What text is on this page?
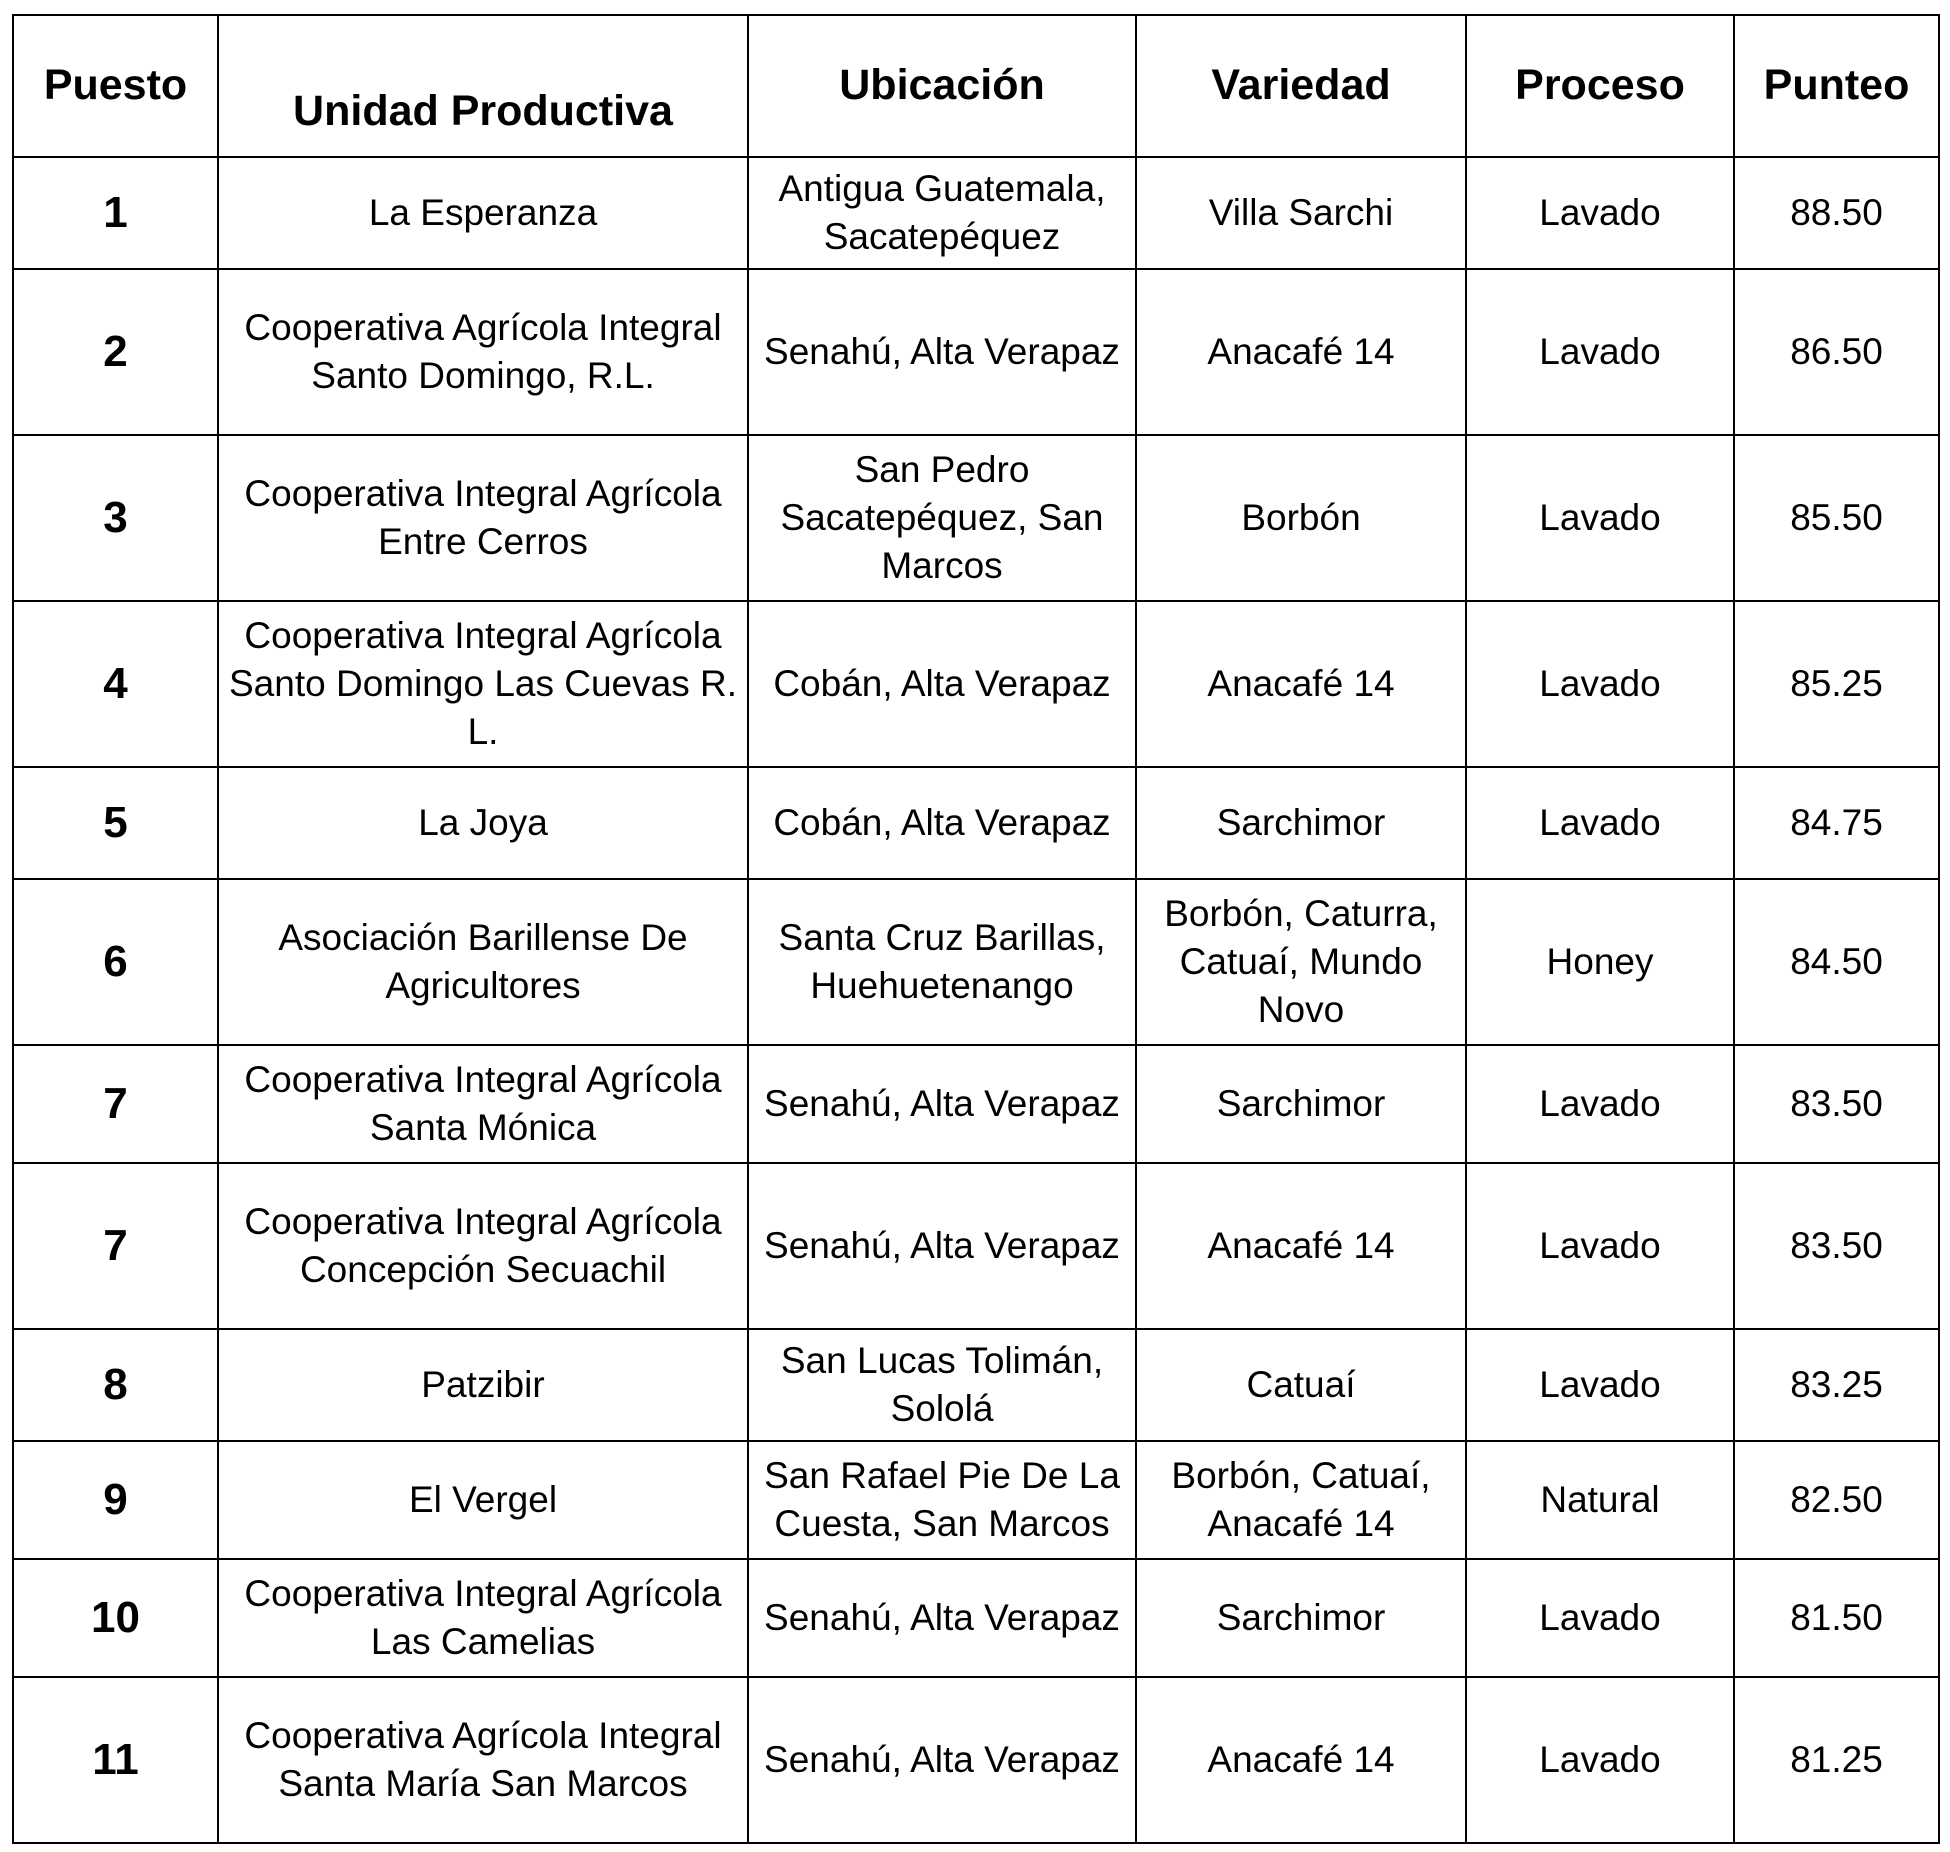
Puesto	Unidad Productiva	Ubicación	Variedad	Proceso	Punteo
1	La Esperanza	Antigua Guatemala, Sacatepéquez	Villa Sarchi	Lavado	88.50
2	Cooperativa Agrícola Integral Santo Domingo, R.L.	Senahú, Alta Verapaz	Anacafé 14	Lavado	86.50
3	Cooperativa Integral Agrícola Entre Cerros	San Pedro Sacatepéquez, San Marcos	Borbón	Lavado	85.50
4	Cooperativa Integral Agrícola Santo Domingo Las Cuevas R. L.	Cobán, Alta Verapaz	Anacafé 14	Lavado	85.25
5	La Joya	Cobán, Alta Verapaz	Sarchimor	Lavado	84.75
6	Asociación Barillense De Agricultores	Santa Cruz Barillas, Huehuetenango	Borbón, Caturra, Catuaí, Mundo Novo	Honey	84.50
7	Cooperativa Integral Agrícola Santa Mónica	Senahú, Alta Verapaz	Sarchimor	Lavado	83.50
7	Cooperativa Integral Agrícola Concepción Secuachil	Senahú, Alta Verapaz	Anacafé 14	Lavado	83.50
8	Patzibir	San Lucas Tolimán, Sololá	Catuaí	Lavado	83.25
9	El Vergel	San Rafael Pie De La Cuesta, San Marcos	Borbón, Catuaí, Anacafé 14	Natural	82.50
10	Cooperativa Integral Agrícola Las Camelias	Senahú, Alta Verapaz	Sarchimor	Lavado	81.50
11	Cooperativa Agrícola Integral Santa María San Marcos	Senahú, Alta Verapaz	Anacafé 14	Lavado	81.25
